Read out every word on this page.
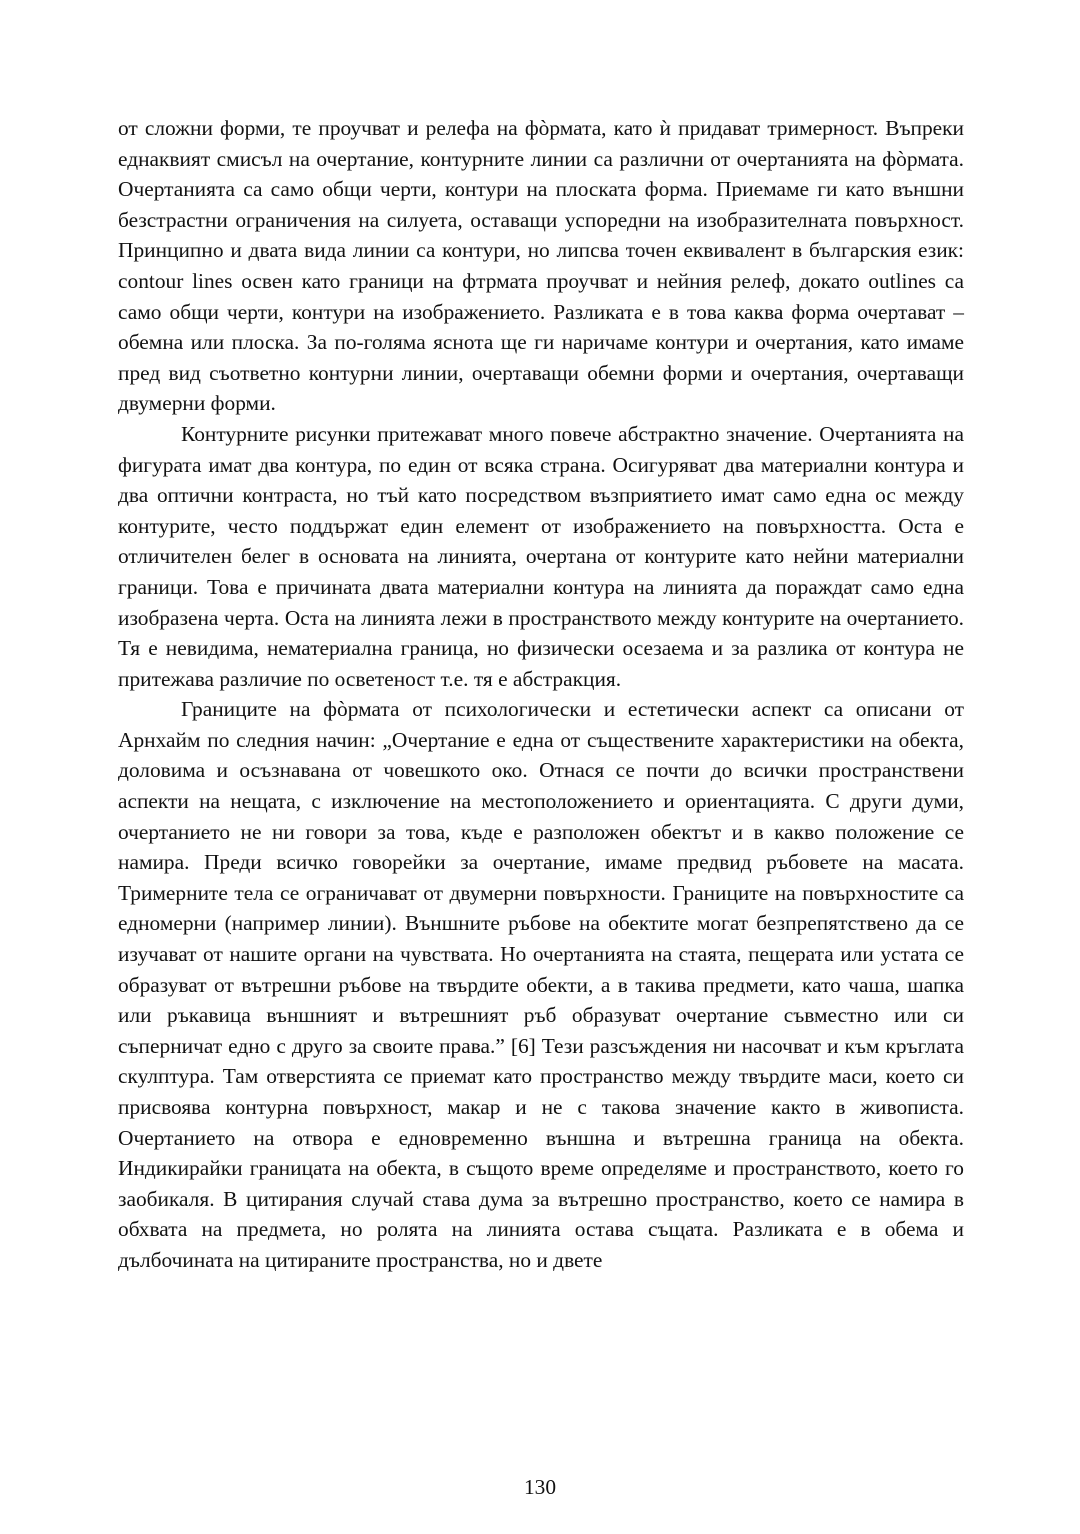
от сложни форми, те проучват и релефа на фòрмата, като ѝ придават тримерност. Въпреки еднаквият смисъл на очертание, контурните линии са различни от очертанията на фòрмата. Очертанията са само общи черти, контури на плоската форма. Приемаме ги като външни безстрастни ограничения на силуета, оставащи успоредни на изобразителната повърхност. Принципно и двата вида линии са контури, но липсва точен еквивалент в българския език: contour lines освен като граници на фтрмата проучват и нейния релеф, докато outlines са само общи черти, контури на изображението. Разликата е в това каква форма очертават – обемна или плоска. За по-голяма яснота ще ги наричаме контури и очертания, като имаме пред вид съответно контурни линии, очертаващи обемни форми и очертания, очертаващи двумерни форми.

Контурните рисунки притежават много повече абстрактно значение. Очертанията на фигурата имат два контура, по един от всяка страна. Осигуряват два материални контура и два оптични контраста, но тъй като посредством възприятието имат само една ос между контурите, често поддържат един елемент от изображението на повърхността. Оста е отличителен белег в основата на линията, очертана от контурите като нейни материални граници. Това е причината двата материални контура на линията да пораждат само една изобразена черта. Оста на линията лежи в пространството между контурите на очертанието. Тя е невидима, нематериална граница, но физически осезаема и за разлика от контура не притежава различие по осветеност т.е. тя е абстракция.

Границите на фòрмата от психологически и естетически аспект са описани от Арнхайм по следния начин: „Очертание е една от съществените характеристики на обекта, доловима и осъзнавана от човешкото око. Отнася се почти до всички пространствени аспекти на нещата, с изключение на местоположението и ориентацията. С други думи, очертанието не ни говори за това, къде е разположен обектът и в какво положение се намира. Преди всичко говорейки за очертание, имаме предвид ръбовете на масата. Тримерните тела се ограничават от двумерни повърхности. Границите на повърхностите са едномерни (например линии). Външните ръбове на обектите могат безпрепятствено да се изучават от нашите органи на чувствата. Но очертанията на стаята, пещерата или устата се образуват от вътрешни ръбове на твърдите обекти, а в такива предмети, като чаша, шапка или ръкавица външният и вътрешният ръб образуват очертание съвместно или си съперничат едно с друго за своите права.” [6] Тези разсъждения ни насочват и към кръглата скулптура. Там отверстията се приемат като пространство между твърдите маси, което си присвоява контурна повърхност, макар и не с такова значение както в живописта. Очертанието на отвора е едновременно външна и вътрешна граница на обекта. Индикирайки границата на обекта, в същото време определяме и пространството, което го заобикаля. В цитирания случай става дума за вътрешно пространство, което се намира в обхвата на предмета, но ролята на линията остава същата. Разликата е в обема и дълбочината на цитираните пространства, но и двете

130
